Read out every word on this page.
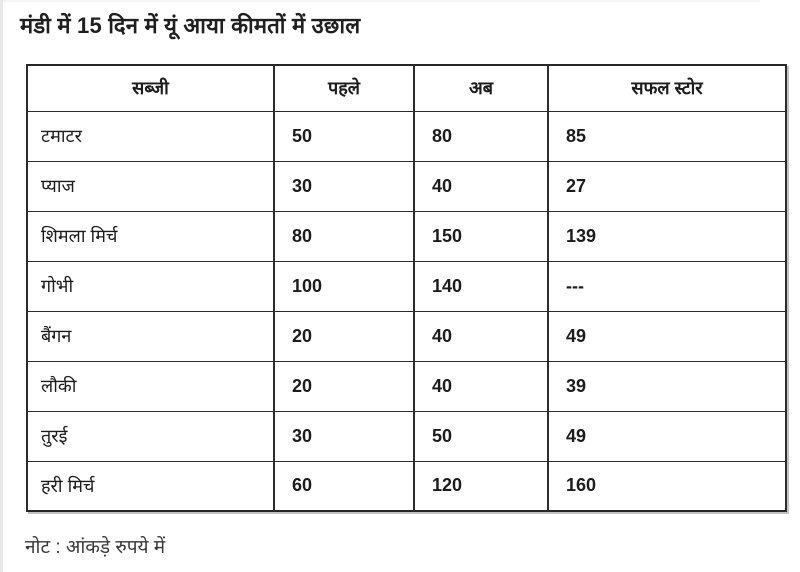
मंडी में 15 दिन में यूं आया कीमतों में उछाल
सब्जी	पहले	अब	सफल स्टोर
टमाटर	50	80	85
प्याज	30	40	27
शिमला मिर्च	80	150	139
गोभी	100	140	---
बैंगन	20	40	49
लौकी	20	40	39
तुरई	30	50	49
हरी मिर्च	60	120	160
नोट : आंकड़े रुपये में
